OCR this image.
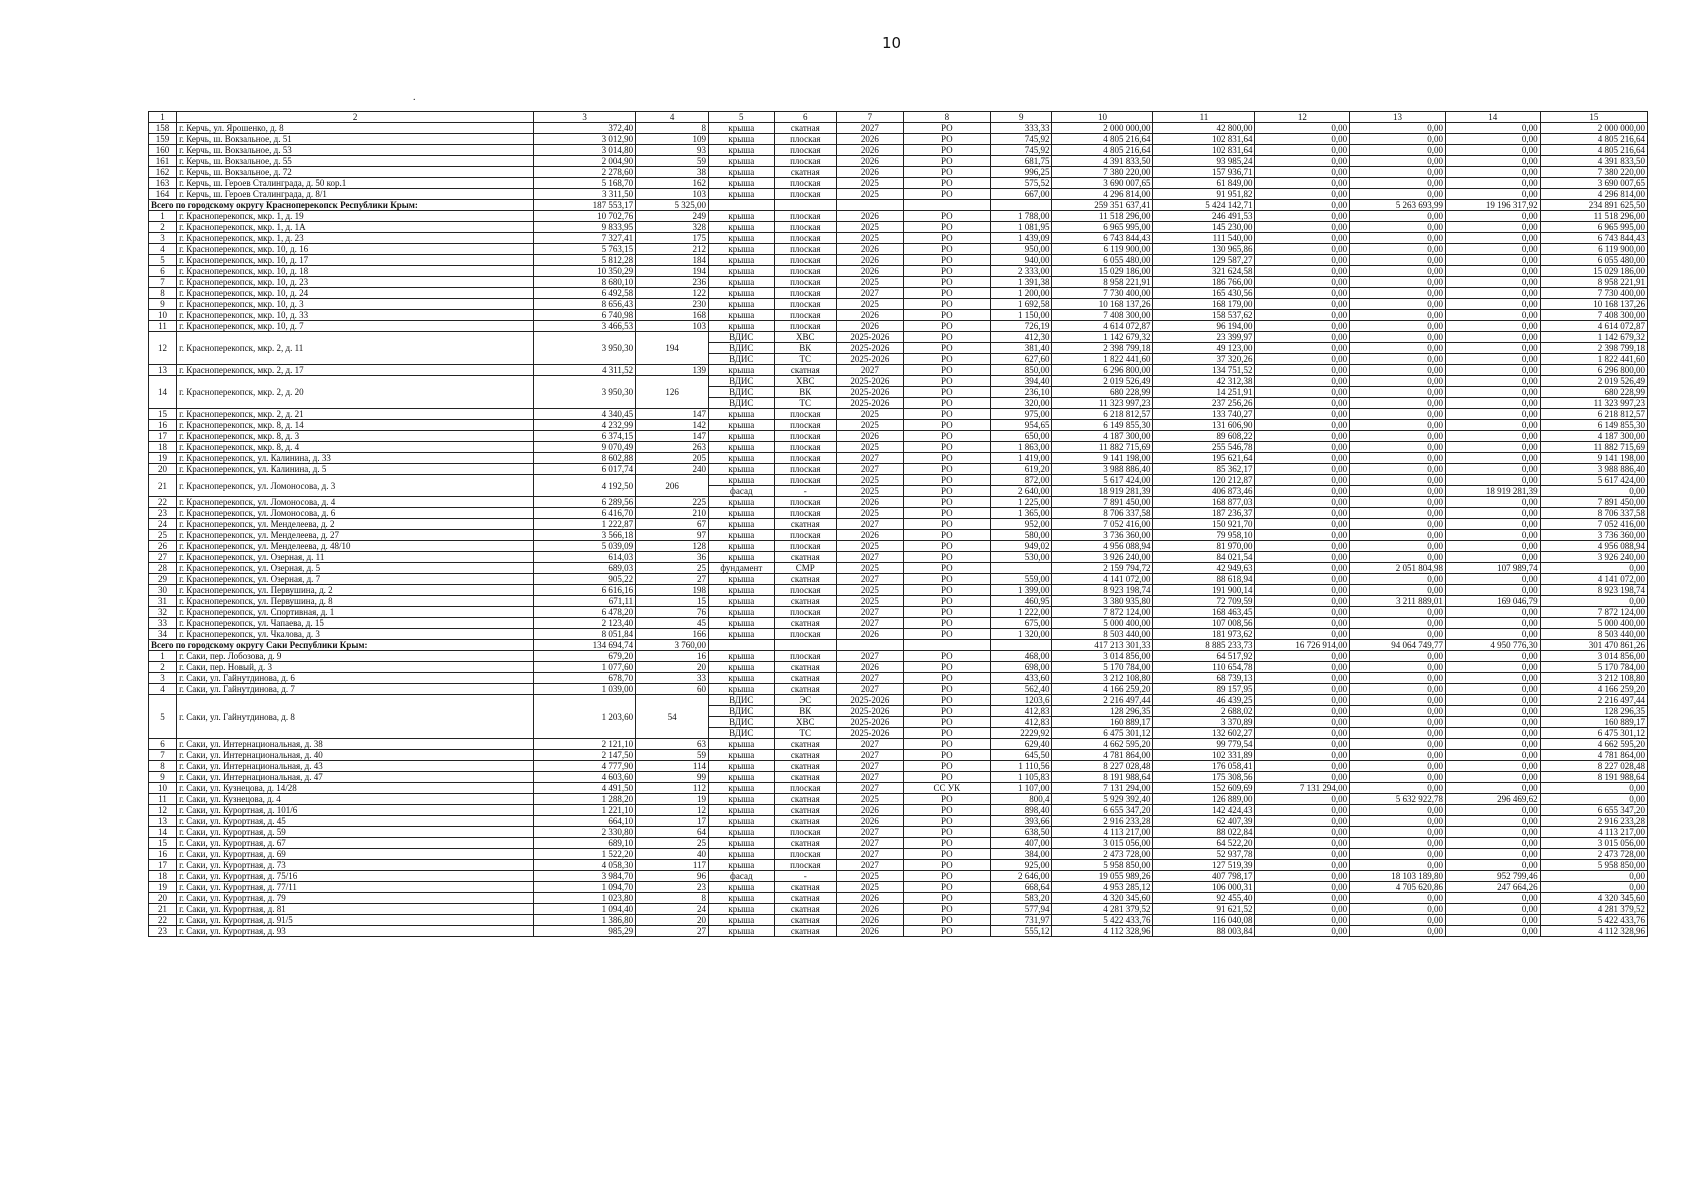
10
.
1	2	3	4	5	6	7	8	9	10	11	12	13	14	15
158	г. Керчь, ул. Ярошенко, д. 8	372,40	8	крыша	скатная	2027	РО	333,33	2 000 000,00	42 800,00	0,00	0,00	0,00	2 000 000,00
159	г. Керчь, ш. Вокзальное, д. 51	3 012,90	109	крыша	плоская	2026	РО	745,92	4 805 216,64	102 831,64	0,00	0,00	0,00	4 805 216,64
160	г. Керчь, ш. Вокзальное, д. 53	3 014,80	93	крыша	плоская	2026	РО	745,92	4 805 216,64	102 831,64	0,00	0,00	0,00	4 805 216,64
161	г. Керчь, ш. Вокзальное, д. 55	2 004,90	59	крыша	плоская	2026	РО	681,75	4 391 833,50	93 985,24	0,00	0,00	0,00	4 391 833,50
162	г. Керчь, ш. Вокзальное, д. 72	2 278,60	38	крыша	скатная	2026	РО	996,25	7 380 220,00	157 936,71	0,00	0,00	0,00	7 380 220,00
163	г. Керчь, ш. Героев Сталинграда, д. 50 кор.1	5 168,70	162	крыша	плоская	2025	РО	575,52	3 690 007,65	61 849,00	0,00	0,00	0,00	3 690 007,65
164	г. Керчь, ш. Героев Сталинграда, д. 8/1	3 311,50	103	крыша	плоская	2025	РО	667,00	4 296 814,00	91 951,82	0,00	0,00	0,00	4 296 814,00
Всего по городскому округу Красноперекопск Республики Крым:		187 553,17	5 325,00						259 351 637,41	5 424 142,71	0,00	5 263 693,99	19 196 317,92	234 891 625,50
1	г. Красноперекопск, мкр. 1, д. 19	10 702,76	249	крыша	плоская	2026	РО	1 788,00	11 518 296,00	246 491,53	0,00	0,00	0,00	11 518 296,00
2	г. Красноперекопск, мкр. 1, д. 1А	9 833,95	328	крыша	плоская	2025	РО	1 081,95	6 965 995,00	145 230,00	0,00	0,00	0,00	6 965 995,00
3	г. Красноперекопск, мкр. 1, д. 23	7 327,41	175	крыша	плоская	2025	РО	1 439,09	6 743 844,43	111 540,00	0,00	0,00	0,00	6 743 844,43
4	г. Красноперекопск, мкр. 10, д. 16	5 763,15	212	крыша	плоская	2026	РО	950,00	6 119 900,00	130 965,86	0,00	0,00	0,00	6 119 900,00
5	г. Красноперекопск, мкр. 10, д. 17	5 812,28	184	крыша	плоская	2026	РО	940,00	6 055 480,00	129 587,27	0,00	0,00	0,00	6 055 480,00
6	г. Красноперекопск, мкр. 10, д. 18	10 350,29	194	крыша	плоская	2026	РО	2 333,00	15 029 186,00	321 624,58	0,00	0,00	0,00	15 029 186,00
7	г. Красноперекопск, мкр. 10, д. 23	8 680,10	236	крыша	плоская	2025	РО	1 391,38	8 958 221,91	186 766,00	0,00	0,00	0,00	8 958 221,91
8	г. Красноперекопск, мкр. 10, д. 24	6 492,58	122	крыша	плоская	2027	РО	1 200,00	7 730 400,00	165 430,56	0,00	0,00	0,00	7 730 400,00
9	г. Красноперекопск, мкр. 10, д. 3	8 656,43	230	крыша	плоская	2025	РО	1 692,58	10 168 137,26	168 179,00	0,00	0,00	0,00	10 168 137,26
10	г. Красноперекопск, мкр. 10, д. 33	6 740,98	168	крыша	плоская	2026	РО	1 150,00	7 408 300,00	158 537,62	0,00	0,00	0,00	7 408 300,00
11	г. Красноперекопск, мкр. 10, д. 7	3 466,53	103	крыша	плоская	2026	РО	726,19	4 614 072,87	96 194,00	0,00	0,00	0,00	4 614 072,87
12	г. Красноперекопск, мкр. 2, д. 11	3 950,30	194	ВДИС	ХВС	2025-2026	РО	412,30	1 142 679,32	23 399,97	0,00	0,00	0,00	1 142 679,32
				ВДИС	ВК	2025-2026	РО	381,40	2 398 799,18	49 123,00	0,00	0,00	0,00	2 398 799,18
				ВДИС	ТС	2025-2026	РО	627,60	1 822 441,60	37 320,26	0,00	0,00	0,00	1 822 441,60
13	г. Красноперекопск, мкр. 2, д. 17	4 311,52	139	крыша	скатная	2027	РО	850,00	6 296 800,00	134 751,52	0,00	0,00	0,00	6 296 800,00
14	г. Красноперекопск, мкр. 2, д. 20	3 950,30	126	ВДИС	ХВС	2025-2026	РО	394,40	2 019 526,49	42 312,38	0,00	0,00	0,00	2 019 526,49
				ВДИС	ВК	2025-2026	РО	236,10	680 228,99	14 251,91	0,00	0,00	0,00	680 228,99
				ВДИС	ТС	2025-2026	РО	320,00	11 323 997,23	237 256,26	0,00	0,00	0,00	11 323 997,23
15	г. Красноперекопск, мкр. 2, д. 21	4 340,45	147	крыша	плоская	2025	РО	975,00	6 218 812,57	133 740,27	0,00	0,00	0,00	6 218 812,57
16	г. Красноперекопск, мкр. 8, д. 14	4 232,99	142	крыша	плоская	2025	РО	954,65	6 149 855,30	131 606,90	0,00	0,00	0,00	6 149 855,30
17	г. Красноперекопск, мкр. 8, д. 3	6 374,15	147	крыша	плоская	2026	РО	650,00	4 187 300,00	89 608,22	0,00	0,00	0,00	4 187 300,00
18	г. Красноперекопск, мкр. 8, д. 4	9 070,49	263	крыша	плоская	2025	РО	1 863,00	11 882 715,69	255 546,78	0,00	0,00	0,00	11 882 715,69
19	г. Красноперекопск, ул. Калинина, д. 33	8 602,88	205	крыша	плоская	2027	РО	1 419,00	9 141 198,00	195 621,64	0,00	0,00	0,00	9 141 198,00
20	г. Красноперекопск, ул. Калинина, д. 5	6 017,74	240	крыша	плоская	2027	РО	619,20	3 988 886,40	85 362,17	0,00	0,00	0,00	3 988 886,40
21	г. Красноперекопск, ул. Ломоносова, д. 3	4 192,50	206	крыша	плоская	2025	РО	872,00	5 617 424,00	120 212,87	0,00	0,00	0,00	5 617 424,00
				фасад	-	2025	РО	2 640,00	18 919 281,39	406 873,46	0,00	0,00	18 919 281,39	0,00
22	г. Красноперекопск, ул. Ломоносова, д. 4	6 289,56	225	крыша	плоская	2026	РО	1 225,00	7 891 450,00	168 877,03	0,00	0,00	0,00	7 891 450,00
23	г. Красноперекопск, ул. Ломоносова, д. 6	6 416,70	210	крыша	плоская	2025	РО	1 365,00	8 706 337,58	187 236,37	0,00	0,00	0,00	8 706 337,58
24	г. Красноперекопск, ул. Менделеева, д. 2	1 222,87	67	крыша	скатная	2027	РО	952,00	7 052 416,00	150 921,70	0,00	0,00	0,00	7 052 416,00
25	г. Красноперекопск, ул. Менделеева, д. 27	3 566,18	97	крыша	плоская	2026	РО	580,00	3 736 360,00	79 958,10	0,00	0,00	0,00	3 736 360,00
26	г. Красноперекопск, ул. Менделеева, д. 48/10	5 039,09	128	крыша	плоская	2025	РО	949,02	4 956 088,94	81 970,00	0,00	0,00	0,00	4 956 088,94
27	г. Красноперекопск, ул. Озерная, д. 11	614,03	36	крыша	скатная	2027	РО	530,00	3 926 240,00	84 021,54	0,00	0,00	0,00	3 926 240,00
28	г. Красноперекопск, ул. Озерная, д. 5	689,03	25	фундамент	СМР	2025	РО		2 159 794,72	42 949,63	0,00	2 051 804,98	107 989,74	0,00
29	г. Красноперекопск, ул. Озерная, д. 7	905,22	27	крыша	скатная	2027	РО	559,00	4 141 072,00	88 618,94	0,00	0,00	0,00	4 141 072,00
30	г. Красноперекопск, ул. Первушина, д. 2	6 616,16	198	крыша	плоская	2025	РО	1 399,00	8 923 198,74	191 900,14	0,00	0,00	0,00	8 923 198,74
31	г. Красноперекопск, ул. Первушина, д. 8	671,11	15	крыша	скатная	2025	РО	460,95	3 380 935,80	72 709,59	0,00	3 211 889,01	169 046,79	0,00
32	г. Красноперекопск, ул. Спортивная, д. 1	6 478,20	76	крыша	плоская	2027	РО	1 222,00	7 872 124,00	168 463,45	0,00	0,00	0,00	7 872 124,00
33	г. Красноперекопск, ул. Чапаева, д. 15	2 123,40	45	крыша	скатная	2027	РО	675,00	5 000 400,00	107 008,56	0,00	0,00	0,00	5 000 400,00
34	г. Красноперекопск, ул. Чкалова, д. 3	8 051,84	166	крыша	плоская	2026	РО	1 320,00	8 503 440,00	181 973,62	0,00	0,00	0,00	8 503 440,00
Всего по городскому округу Саки Республики Крым:		134 694,74	3 760,00						417 213 301,33	8 885 233,73	16 726 914,00	94 064 749,77	4 950 776,30	301 470 861,26
1	г. Саки, пер. Лобозова, д. 9	679,20	16	крыша	плоская	2027	РО	468,00	3 014 856,00	64 517,92	0,00	0,00	0,00	3 014 856,00
2	г. Саки, пер. Новый, д. 3	1 077,60	20	крыша	скатная	2026	РО	698,00	5 170 784,00	110 654,78	0,00	0,00	0,00	5 170 784,00
3	г. Саки, ул. Гайнутдинова, д. 6	678,70	33	крыша	скатная	2027	РО	433,60	3 212 108,80	68 739,13	0,00	0,00	0,00	3 212 108,80
4	г. Саки, ул. Гайнутдинова, д. 7	1 039,00	60	крыша	скатная	2027	РО	562,40	4 166 259,20	89 157,95	0,00	0,00	0,00	4 166 259,20
5	г. Саки, ул. Гайнутдинова, д. 8	1 203,60	54	ВДИС	ЭС	2025-2026	РО	1203,6	2 216 497,44	46 439,25	0,00	0,00	0,00	2 216 497,44
				ВДИС	ВК	2025-2026	РО	412,83	128 296,35	2 688,02	0,00	0,00	0,00	128 296,35
				ВДИС	ХВС	2025-2026	РО	412,83	160 889,17	3 370,89	0,00	0,00	0,00	160 889,17
				ВДИС	ТС	2025-2026	РО	2229,92	6 475 301,12	132 602,27	0,00	0,00	0,00	6 475 301,12
6	г. Саки, ул. Интернациональная, д. 38	2 121,10	63	крыша	скатная	2027	РО	629,40	4 662 595,20	99 779,54	0,00	0,00	0,00	4 662 595,20
7	г. Саки, ул. Интернациональная, д. 40	2 147,50	59	крыша	скатная	2027	РО	645,50	4 781 864,00	102 331,89	0,00	0,00	0,00	4 781 864,00
8	г. Саки, ул. Интернациональная, д. 43	4 777,90	114	крыша	скатная	2027	РО	1 110,56	8 227 028,48	176 058,41	0,00	0,00	0,00	8 227 028,48
9	г. Саки, ул. Интернациональная, д. 47	4 603,60	99	крыша	скатная	2027	РО	1 105,83	8 191 988,64	175 308,56	0,00	0,00	0,00	8 191 988,64
10	г. Саки, ул. Кузнецова, д. 14/28	4 491,50	112	крыша	плоская	2027	СС УК	1 107,00	7 131 294,00	152 609,69	7 131 294,00	0,00	0,00	0,00
11	г. Саки, ул. Кузнецова, д. 4	1 288,20	19	крыша	скатная	2025	РО	800,4	5 929 392,40	126 889,00	0,00	5 632 922,78	296 469,62	0,00
12	г. Саки, ул. Курортная, д. 101/6	1 221,10	12	крыша	скатная	2026	РО	898,40	6 655 347,20	142 424,43	0,00	0,00	0,00	6 655 347,20
13	г. Саки, ул. Курортная, д. 45	664,10	17	крыша	скатная	2026	РО	393,66	2 916 233,28	62 407,39	0,00	0,00	0,00	2 916 233,28
14	г. Саки, ул. Курортная, д. 59	2 330,80	64	крыша	плоская	2027	РО	638,50	4 113 217,00	88 022,84	0,00	0,00	0,00	4 113 217,00
15	г. Саки, ул. Курортная, д. 67	689,10	25	крыша	скатная	2027	РО	407,00	3 015 056,00	64 522,20	0,00	0,00	0,00	3 015 056,00
16	г. Саки, ул. Курортная, д. 69	1 522,20	40	крыша	плоская	2027	РО	384,00	2 473 728,00	52 937,78	0,00	0,00	0,00	2 473 728,00
17	г. Саки, ул. Курортная, д. 73	4 058,30	117	крыша	плоская	2027	РО	925,00	5 958 850,00	127 519,39	0,00	0,00	0,00	5 958 850,00
18	г. Саки, ул. Курортная, д. 75/16	3 984,70	96	фасад	-	2025	РО	2 646,00	19 055 989,26	407 798,17	0,00	18 103 189,80	952 799,46	0,00
19	г. Саки, ул. Курортная, д. 77/11	1 094,70	23	крыша	скатная	2025	РО	668,64	4 953 285,12	106 000,31	0,00	4 705 620,86	247 664,26	0,00
20	г. Саки, ул. Курортная, д. 79	1 023,80	8	крыша	скатная	2026	РО	583,20	4 320 345,60	92 455,40	0,00	0,00	0,00	4 320 345,60
21	г. Саки, ул. Курортная, д. 81	1 094,40	24	крыша	скатная	2026	РО	577,94	4 281 379,52	91 621,52	0,00	0,00	0,00	4 281 379,52
22	г. Саки, ул. Курортная, д. 91/5	1 386,80	20	крыша	скатная	2026	РО	731,97	5 422 433,76	116 040,08	0,00	0,00	0,00	5 422 433,76
23	г. Саки, ул. Курортная, д. 93	985,29	27	крыша	скатная	2026	РО	555,12	4 112 328,96	88 003,84	0,00	0,00	0,00	4 112 328,96
